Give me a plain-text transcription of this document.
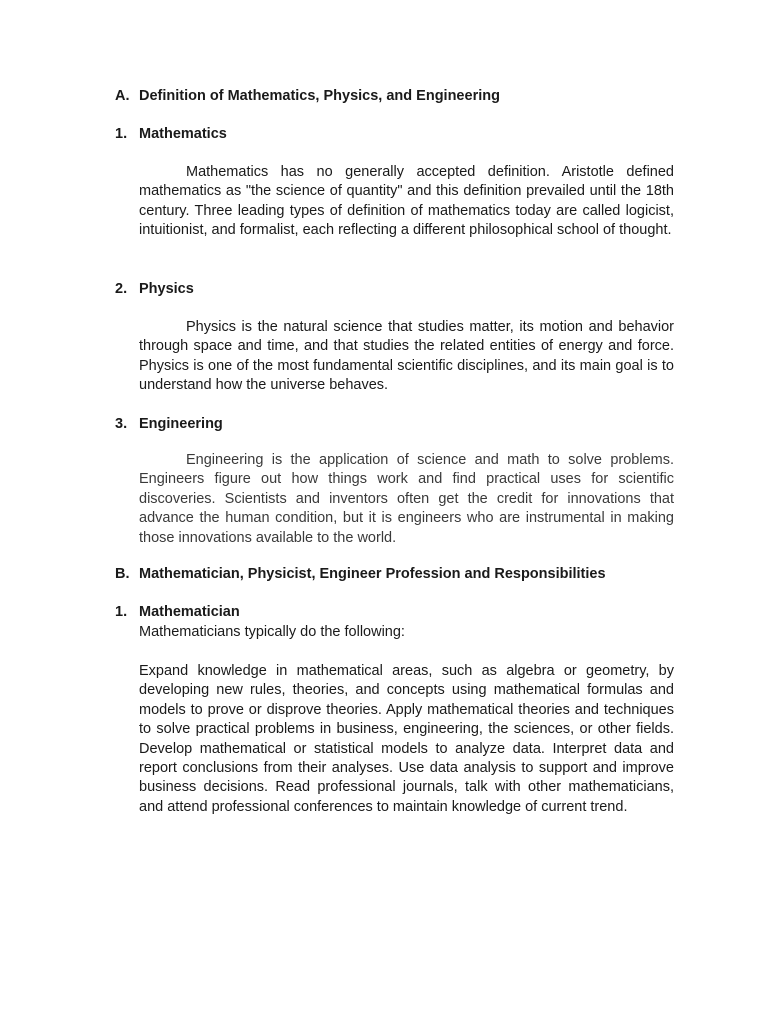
A. Definition of Mathematics, Physics, and Engineering
1. Mathematics
Mathematics has no generally accepted definition. Aristotle defined mathematics as "the science of quantity" and this definition prevailed until the 18th century. Three leading types of definition of mathematics today are called logicist, intuitionist, and formalist, each reflecting a different philosophical school of thought.
2. Physics
Physics is the natural science that studies matter, its motion and behavior through space and time, and that studies the related entities of energy and force. Physics is one of the most fundamental scientific disciplines, and its main goal is to understand how the universe behaves.
3. Engineering
Engineering is the application of science and math to solve problems. Engineers figure out how things work and find practical uses for scientific discoveries. Scientists and inventors often get the credit for innovations that advance the human condition, but it is engineers who are instrumental in making those innovations available to the world.
B. Mathematician, Physicist, Engineer Profession and Responsibilities
1. Mathematician
Mathematicians typically do the following:
Expand knowledge in mathematical areas, such as algebra or geometry, by developing new rules, theories, and concepts using mathematical formulas and models to prove or disprove theories. Apply mathematical theories and techniques to solve practical problems in business, engineering, the sciences, or other fields. Develop mathematical or statistical models to analyze data. Interpret data and report conclusions from their analyses. Use data analysis to support and improve business decisions. Read professional journals, talk with other mathematicians, and attend professional conferences to maintain knowledge of current trend.
